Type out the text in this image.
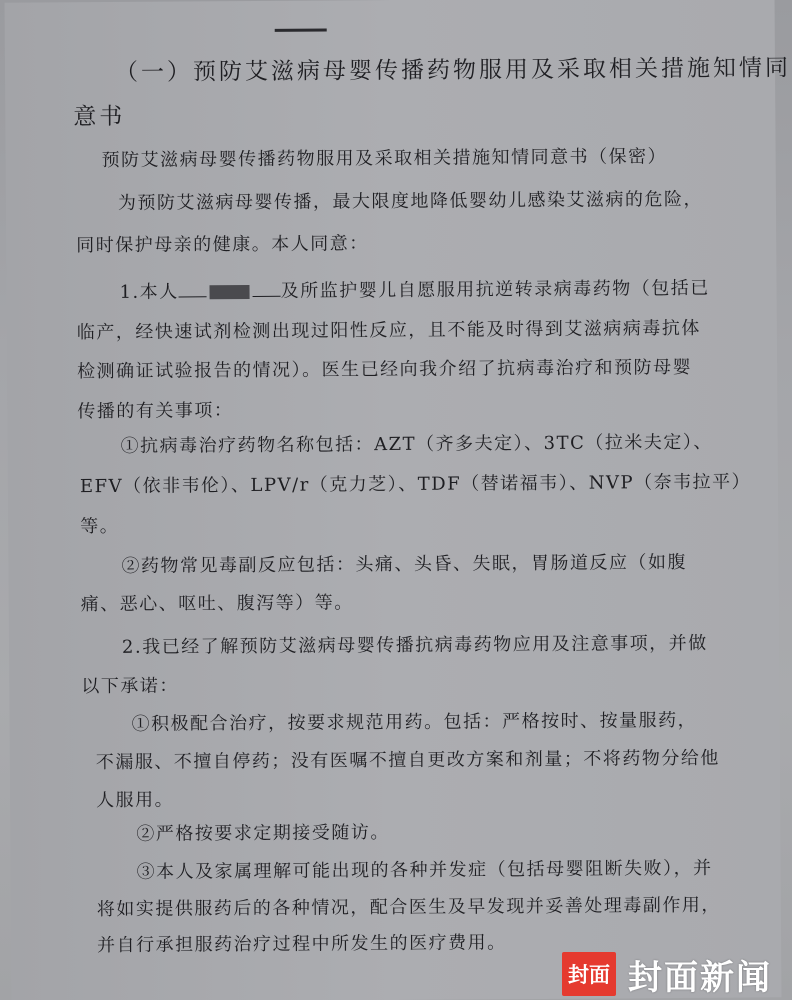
（一）预防艾滋病母婴传播药物服用及采取相关措施知情同
意书
预防艾滋病母婴传播药物服用及采取相关措施知情同意书（保密）
为预防艾滋病母婴传播，最大限度地降低婴幼儿感染艾滋病的危险，
同时保护母亲的健康。本人同意：
1.本人	及所监护婴儿自愿服用抗逆转录病毒药物（包括已
临产，经快速试剂检测出现过阳性反应，且不能及时得到艾滋病病毒抗体
检测确证试验报告的情况）。医生已经向我介绍了抗病毒治疗和预防母婴
传播的有关事项：
①抗病毒治疗药物名称包括：AZT（齐多夫定）、3TC（拉米夫定）、
EFV（依非韦伦）、LPV/r（克力芝）、TDF（替诺福韦）、NVP（奈韦拉平）
等。
②药物常见毒副反应包括：头痛、头昏、失眠，胃肠道反应（如腹
痛、恶心、呕吐、腹泻等）等。
2.我已经了解预防艾滋病母婴传播抗病毒药物应用及注意事项，并做
以下承诺：
①积极配合治疗，按要求规范用药。包括：严格按时、按量服药，
不漏服、不擅自停药；没有医嘱不擅自更改方案和剂量；不将药物分给他
人服用。
②严格按要求定期接受随访。
③本人及家属理解可能出现的各种并发症（包括母婴阻断失败），并
将如实提供服药后的各种情况，配合医生及早发现并妥善处理毒副作用，
并自行承担服药治疗过程中所发生的医疗费用。
封面 封面新闻
